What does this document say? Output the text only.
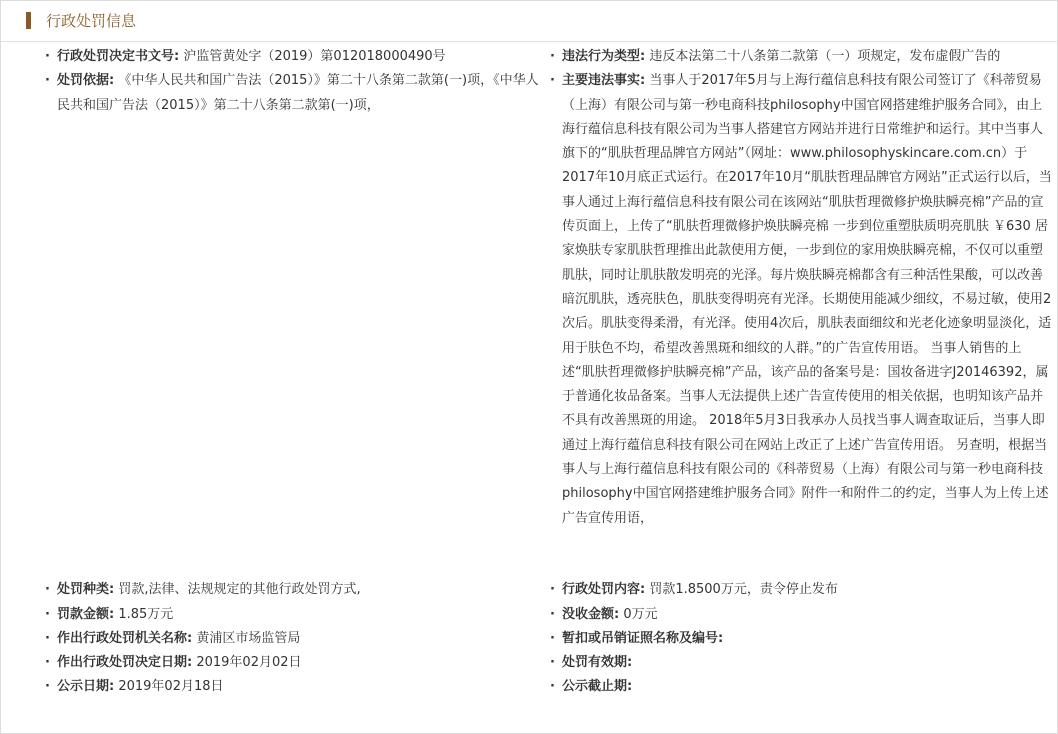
行政处罚信息
· 行政处罚决定书文号: 沪监管黄处字（2019）第012018000490号
· 处罚依据: 《中华人民共和国广告法（2015）》第二十八条第二款第(一)项，《中华人民共和国广告法（2015）》第二十八条第二款第(一)项，
· 处罚种类: 罚款,法律、法规规定的其他行政处罚方式,
· 罚款金额: 1.85万元
· 作出行政处罚机关名称: 黄浦区市场监管局
· 作出行政处罚决定日期: 2019年02月02日
· 公示日期: 2019年02月18日
· 违法行为类型: 违反本法第二十八条第二款第（一）项规定，发布虚假广告的
· 主要违法事实: 当事人于2017年5月与上海行蕴信息科技有限公司签订了《科蒂贸易（上海）有限公司与第一秒电商科技philosophy中国官网搭建维护服务合同》，由上海行蕴信息科技有限公司为当事人搭建官方网站并进行日常维护和运行。其中当事人旗下的“肌肤哲理品牌官方网站”（网址：www.philosophyskincare.com.cn）于2017年10月底正式运行。在2017年10月“肌肤哲理品牌官方网站”正式运行以后，当事人通过上海行蕴信息科技有限公司在该网站“肌肤哲理微修护焕肤瞬亮棉”产品的宣传页面上，上传了“肌肤哲理微修护焕肤瞬亮棉 一步到位重塑肤质明亮肌肤 ￥630 居家焕肤专家肌肤哲理推出此款使用方便，一步到位的家用焕肤瞬亮棉，不仅可以重塑肌肤，同时让肌肤散发明亮的光泽。每片焕肤瞬亮棉都含有三种活性果酸，可以改善暗沉肌肤，透亮肤色，肌肤变得明亮有光泽。长期使用能减少细纹，不易过敏，使用2次后。肌肤变得柔滑，有光泽。使用4次后，肌肤表面细纹和光老化迹象明显淡化，适用于肤色不均，希望改善黑斑和细纹的人群。”的广告宣传用语。 当事人销售的上述“肌肤哲理微修护肤瞬亮棉”产品，该产品的备案号是：国妆备进字J20146392，属于普通化妆品备案。当事人无法提供上述广告宣传使用的相关依据，也明知该产品并不具有改善黑斑的用途。 2018年5月3日我承办人员找当事人调查取证后，当事人即通过上海行蕴信息科技有限公司在网站上改正了上述广告宣传用语。 另查明，根据当事人与上海行蕴信息科技有限公司的《科蒂贸易（上海）有限公司与第一秒电商科技philosophy中国官网搭建维护服务合同》附件一和附件二的约定，当事人为上传上述广告宣传用语，
· 行政处罚内容: 罚款1.8500万元，责令停止发布
· 没收金额: 0万元
· 暂扣或吊销证照名称及编号:
· 处罚有效期:
· 公示截止期:
